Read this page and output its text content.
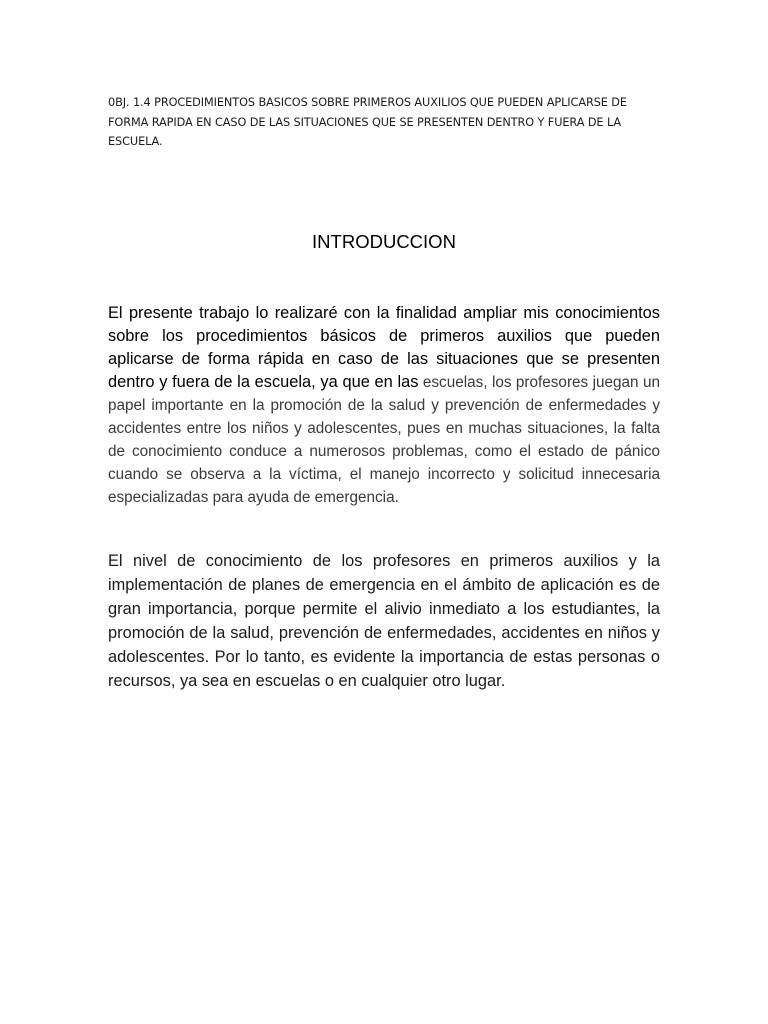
0BJ. 1.4 PROCEDIMIENTOS BASICOS SOBRE PRIMEROS AUXILIOS QUE PUEDEN APLICARSE DE FORMA RAPIDA EN CASO DE LAS SITUACIONES QUE SE PRESENTEN DENTRO Y FUERA DE LA ESCUELA.

INTRODUCCION

El presente trabajo lo realizaré con la finalidad ampliar mis conocimientos sobre los procedimientos básicos de primeros auxilios que pueden aplicarse de forma rápida en caso de las situaciones que se presenten dentro y fuera de la escuela, ya que en las escuelas, los profesores juegan un papel importante en la promoción de la salud y prevención de enfermedades y accidentes entre los niños y adolescentes, pues en muchas situaciones, la falta de conocimiento conduce a numerosos problemas, como el estado de pánico cuando se observa a la víctima, el manejo incorrecto y solicitud innecesaria especializadas para ayuda de emergencia.

El nivel de conocimiento de los profesores en primeros auxilios y la implementación de planes de emergencia en el ámbito de aplicación es de gran importancia, porque permite el alivio inmediato a los estudiantes, la promoción de la salud, prevención de enfermedades, accidentes en niños y adolescentes. Por lo tanto, es evidente la importancia de estas personas o recursos, ya sea en escuelas o en cualquier otro lugar.
